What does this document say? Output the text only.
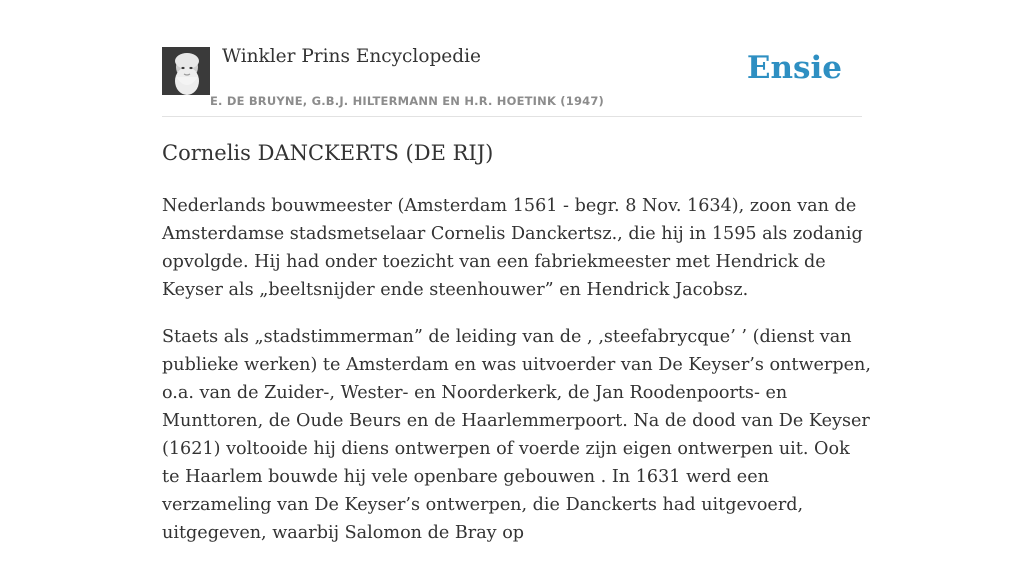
Winkler Prins Encyclopedie
E. DE BRUYNE, G.B.J. HILTERMANN EN H.R. HOETINK (1947)
Ensie
Cornelis DANCKERTS (DE RIJ)

Nederlands bouwmeester (Amsterdam 1561 - begr. 8 Nov. 1634), zoon van de Amsterdamse stadsmetselaar Cornelis Danckertsz., die hij in 1595 als zodanig opvolgde. Hij had onder toezicht van een fabriekmeester met Hendrick de Keyser als „beeltsnijder ende steenhouwer” en Hendrick Jacobsz.

Staets als „stadstimmerman” de leiding van de , ‚steefabrycque’ ’ (dienst van publieke werken) te Amsterdam en was uitvoerder van De Keyser’s ontwerpen, o.a. van de Zuider-, Wester- en Noorderkerk, de Jan Roodenpoorts- en Munttoren, de Oude Beurs en de Haarlemmerpoort. Na de dood van De Keyser (1621) voltooide hij diens ontwerpen of voerde zijn eigen ontwerpen uit. Ook te Haarlem bouwde hij vele openbare gebouwen . In 1631 werd een verzameling van De Keyser’s ontwerpen, die Danckerts had uitgevoerd, uitgegeven, waarbij Salomon de Bray op
